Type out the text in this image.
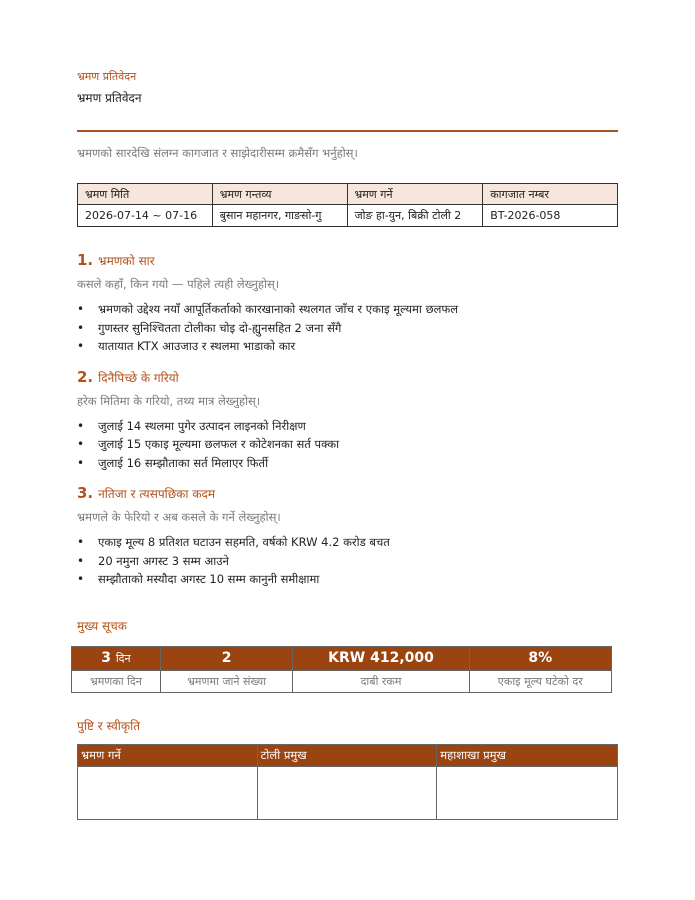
भ्रमण प्रतिवेदन
भ्रमण प्रतिवेदन
भ्रमणको सारदेखि संलग्न कागजात र साझेदारीसम्म क्रमैसँग भर्नुहोस्।
भ्रमण मिति	भ्रमण गन्तव्य	भ्रमण गर्ने	कागजात नम्बर
2026-07-14 ~ 07-16	बुसान महानगर, गाङसो-गु	जोङ हा-युन, बिक्री टोली 2	BT-2026-058
1. भ्रमणको सार
कसले कहाँ, किन गयो — पहिले त्यही लेख्नुहोस्।
• भ्रमणको उद्देश्य नयाँ आपूर्तिकर्ताको कारखानाको स्थलगत जाँच र एकाइ मूल्यमा छलफल
• गुणस्तर सुनिश्चितता टोलीका चोइ दो-ह्युनसहित 2 जना सँगै
• यातायात KTX आउजाउ र स्थलमा भाडाको कार
2. दिनैपिच्छे के गरियो
हरेक मितिमा के गरियो, तथ्य मात्र लेख्नुहोस्।
• जुलाई 14 स्थलमा पुगेर उत्पादन लाइनको निरीक्षण
• जुलाई 15 एकाइ मूल्यमा छलफल र कोटेशनका सर्त पक्का
• जुलाई 16 सम्झौताका सर्त मिलाएर फिर्ती
3. नतिजा र त्यसपछिका कदम
भ्रमणले के फेरियो र अब कसले के गर्ने लेख्नुहोस्।
• एकाइ मूल्य 8 प्रतिशत घटाउन सहमति, वर्षको KRW 4.2 करोड बचत
• 20 नमुना अगस्ट 3 सम्म आउने
• सम्झौताको मस्यौदा अगस्ट 10 सम्म कानुनी समीक्षामा
मुख्य सूचक
3 दिन	2	KRW 412,000	8%
भ्रमणका दिन	भ्रमणमा जाने संख्या	दाबी रकम	एकाइ मूल्य घटेको दर
पुष्टि र स्वीकृति
भ्रमण गर्ने	टोली प्रमुख	महाशाखा प्रमुख
